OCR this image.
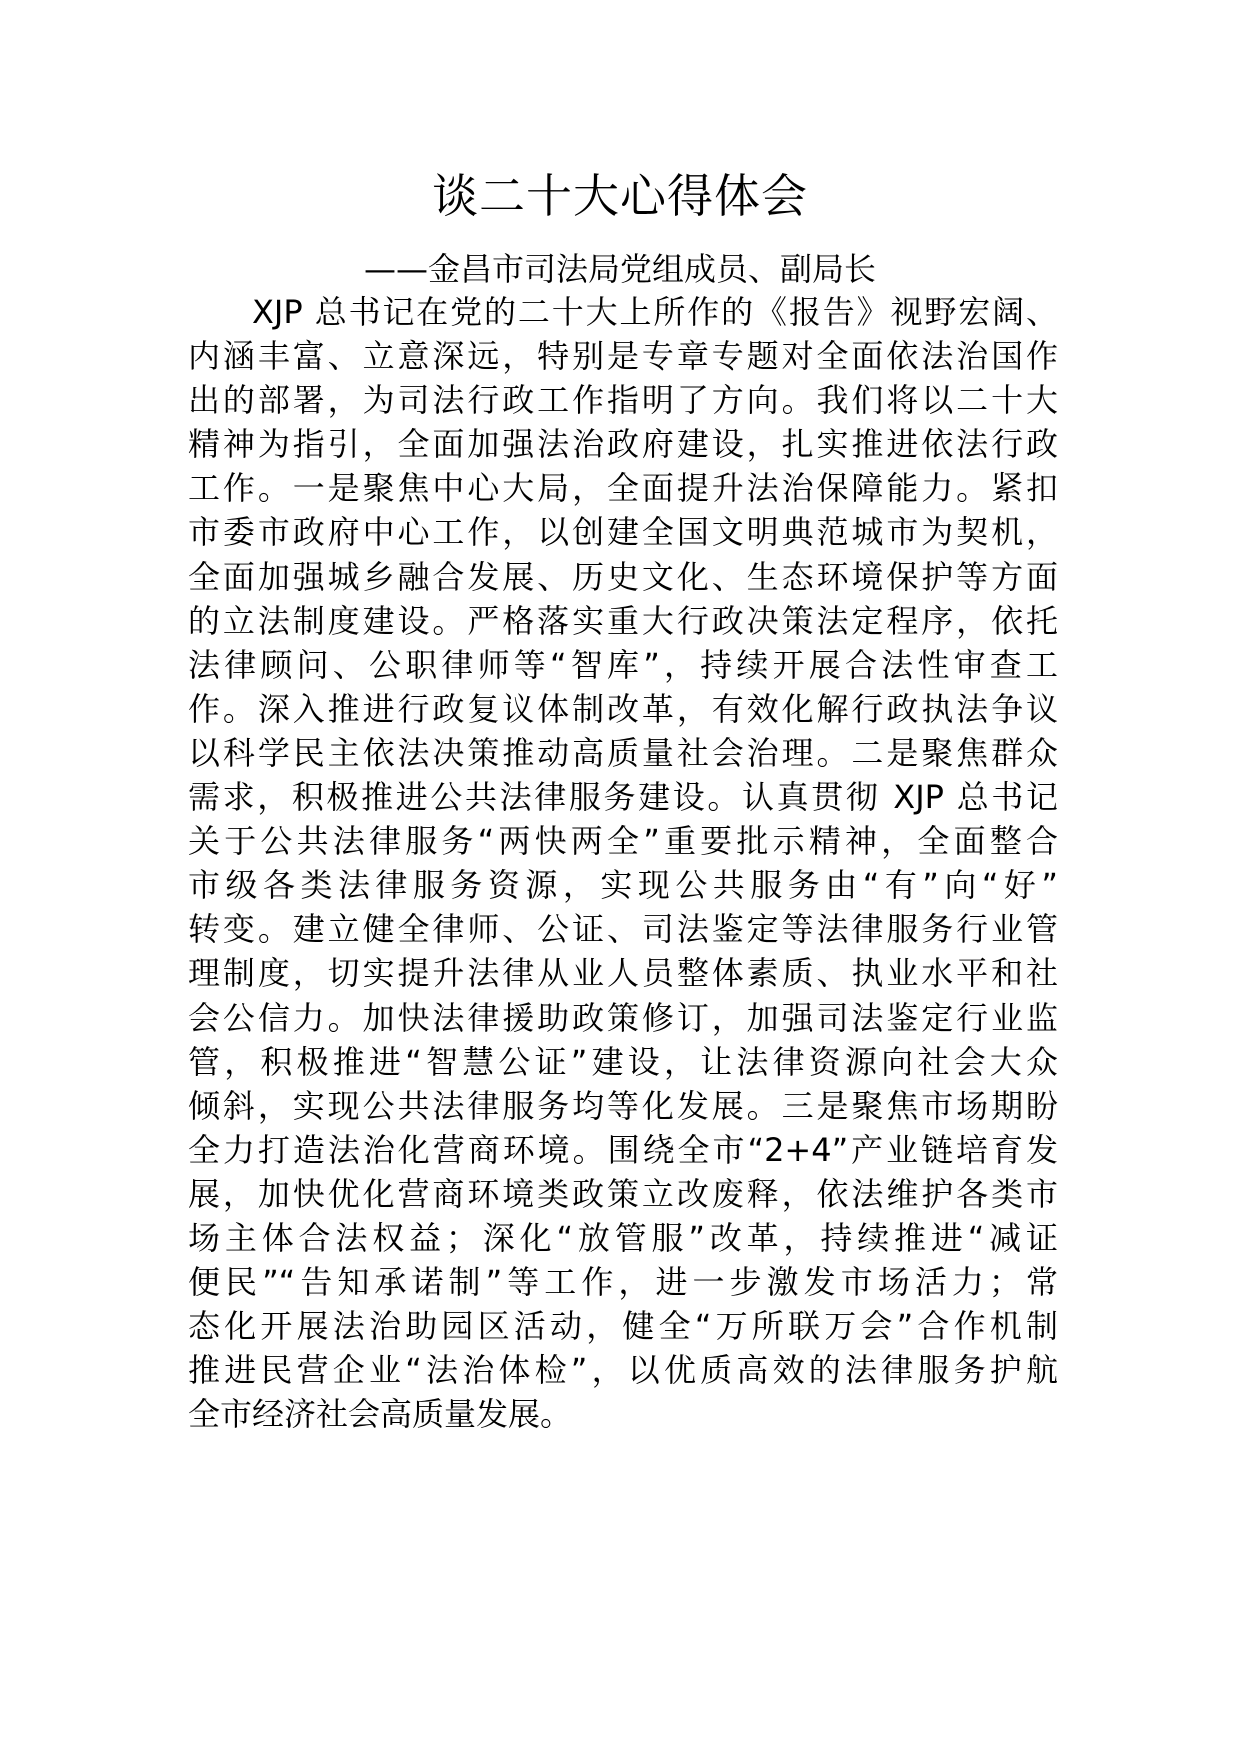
谈二十大心得体会
——金昌市司法局党组成员、副局长
XJP 总书记在党的二十大上所作的《报告》视野宏阔、
内涵丰富、立意深远，特别是专章专题对全面依法治国作
出的部署，为司法行政工作指明了方向。我们将以二十大
精神为指引，全面加强法治政府建设，扎实推进依法行政
工作。一是聚焦中心大局，全面提升法治保障能力。紧扣
市委市政府中心工作，以创建全国文明典范城市为契机，
全面加强城乡融合发展、历史文化、生态环境保护等方面
的立法制度建设。严格落实重大行政决策法定程序，依托
法律顾问、公职律师等“智库”，持续开展合法性审查工
作。深入推进行政复议体制改革，有效化解行政执法争议
以科学民主依法决策推动高质量社会治理。二是聚焦群众
需求，积极推进公共法律服务建设。认真贯彻 XJP 总书记
关于公共法律服务“两快两全”重要批示精神，全面整合
市级各类法律服务资源，实现公共服务由“有”向“好”
转变。建立健全律师、公证、司法鉴定等法律服务行业管
理制度，切实提升法律从业人员整体素质、执业水平和社
会公信力。加快法律援助政策修订，加强司法鉴定行业监
管，积极推进“智慧公证”建设，让法律资源向社会大众
倾斜，实现公共法律服务均等化发展。三是聚焦市场期盼
全力打造法治化营商环境。围绕全市“2+4”产业链培育发
展，加快优化营商环境类政策立改废释，依法维护各类市
场主体合法权益；深化“放管服”改革，持续推进“减证
便民”“告知承诺制”等工作，进一步激发市场活力；常
态化开展法治助园区活动，健全“万所联万会”合作机制
推进民营企业“法治体检”，以优质高效的法律服务护航
全市经济社会高质量发展。
